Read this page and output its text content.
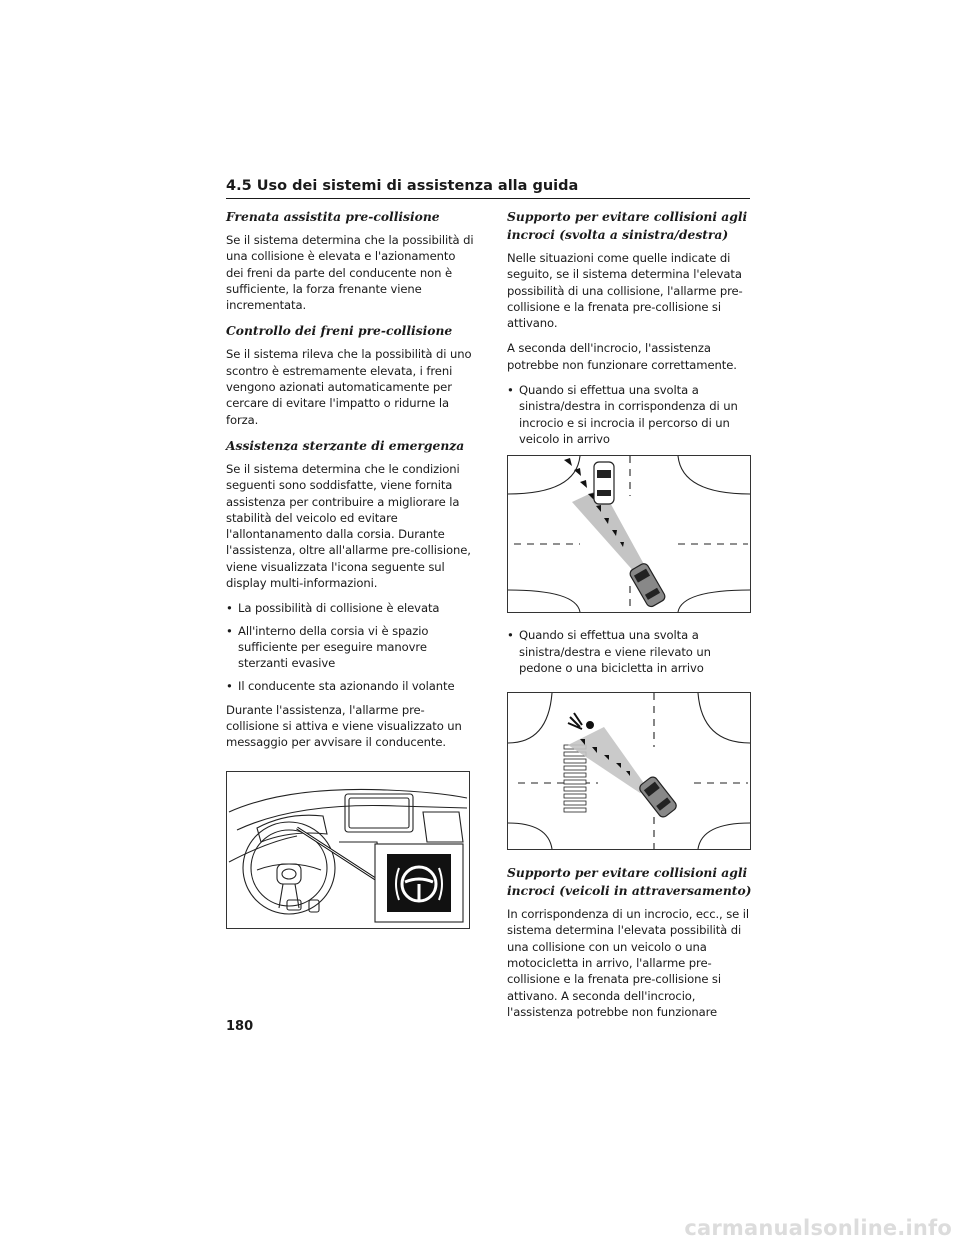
4.5 Uso dei sistemi di assistenza alla guida
Frenata assistita pre-collisione
Se il sistema determina che la possibilità di una collisione è elevata e l'azionamento dei freni da parte del conducente non è sufficiente, la forza frenante viene incrementata.
Controllo dei freni pre-collisione
Se il sistema rileva che la possibilità di uno scontro è estremamente elevata, i freni vengono azionati automaticamente per cercare di evitare l'impatto o ridurne la forza.
Assistenza sterzante di emergenza
Se il sistema determina che le condizioni seguenti sono soddisfatte, viene fornita assistenza per contribuire a migliorare la stabilità del veicolo ed evitare l'allontanamento dalla corsia. Durante l'assistenza, oltre all'allarme pre-collisione, viene visualizzata l'icona seguente sul display multi-informazioni.
• La possibilità di collisione è elevata
• All'interno della corsia vi è spazio sufficiente per eseguire manovre sterzanti evasive
• Il conducente sta azionando il volante
Durante l'assistenza, l'allarme pre-collisione si attiva e viene visualizzato un messaggio per avvisare il conducente.
Supporto per evitare collisioni agli incroci (svolta a sinistra/destra)
Nelle situazioni come quelle indicate di seguito, se il sistema determina l'elevata possibilità di una collisione, l'allarme pre-collisione e la frenata pre-collisione si attivano.
A seconda dell'incrocio, l'assistenza potrebbe non funzionare correttamente.
• Quando si effettua una svolta a sinistra/destra in corrispondenza di un incrocio e si incrocia il percorso di un veicolo in arrivo
• Quando si effettua una svolta a sinistra/destra e viene rilevato un pedone o una bicicletta in arrivo
Supporto per evitare collisioni agli incroci (veicoli in attraversamento)
In corrispondenza di un incrocio, ecc., se il sistema determina l'elevata possibilità di una collisione con un veicolo o una motocicletta in arrivo, l'allarme pre-collisione e la frenata pre-collisione si attivano. A seconda dell'incrocio, l'assistenza potrebbe non funzionare
180
carmanualsonline.info
